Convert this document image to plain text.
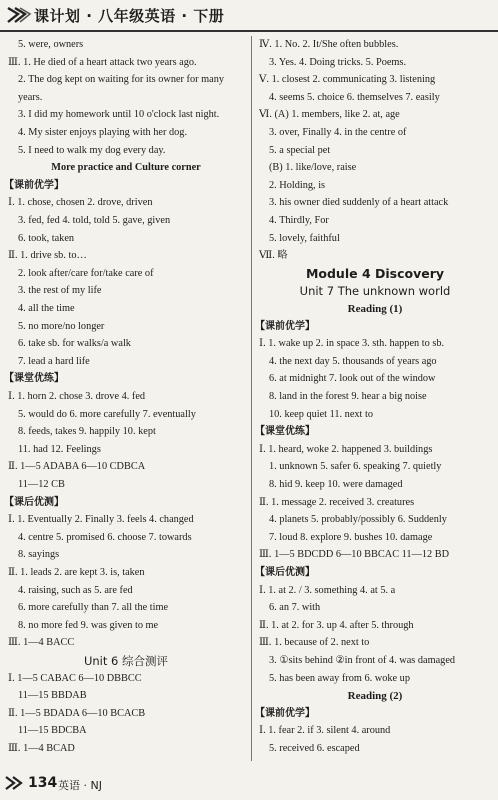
课计划 · 八年级英语 · 下册
5. were, owners
Ⅲ. 1. He died of a heart attack two years ago.
2. The dog kept on waiting for its owner for many
years.
3. I did my homework until 10 o'clock last night.
4. My sister enjoys playing with her dog.
5. I need to walk my dog every day.
More practice and Culture corner
【课前优学】
Ⅰ. 1. chose, chosen 2. drove, driven
3. fed, fed 4. told, told 5. gave, given
6. took, taken
Ⅱ. 1. drive sb. to…
2. look after/care for/take care of
3. the rest of my life
4. all the time
5. no more/no longer
6. take sb. for walks/a walk
7. lead a hard life
【课堂优练】
Ⅰ. 1. horn 2. chose 3. drove 4. fed
5. would do 6. more carefully 7. eventually
8. feeds, takes 9. happily 10. kept
11. had 12. Feelings
Ⅱ. 1—5 ADABA 6—10 CDBCA
11—12 CB
【课后优测】
Ⅰ. 1. Eventually 2. Finally 3. feels 4. changed
4. centre 5. promised 6. choose 7. towards
8. sayings
Ⅱ. 1. leads 2. are kept 3. is, taken
4. raising, such as 5. are fed
6. more carefully than 7. all the time
8. no more fed 9. was given to me
Ⅲ. 1—4 BACC
Unit 6 综合测评
Ⅰ. 1—5 CABAC 6—10 DBBCC
11—15 BBDAB
Ⅱ. 1—5 BDADA 6—10 BCACB
11—15 BDCBA
Ⅲ. 1—4 BCAD
Ⅳ. 1. No. 2. It/She often bubbles.
3. Yes. 4. Doing tricks. 5. Poems.
Ⅴ. 1. closest 2. communicating 3. listening
4. seems 5. choice 6. themselves 7. easily
Ⅵ. (A) 1. members, like 2. at, age
3. over, Finally 4. in the centre of
5. a special pet
(B) 1. like/love, raise
2. Holding, is
3. his owner died suddenly of a heart attack
4. Thirdly, For
5. lovely, faithful
Ⅶ. 略
Module 4 Discovery
Unit 7 The unknown world
Reading (1)
【课前优学】
Ⅰ. 1. wake up 2. in space 3. sth. happen to sb.
4. the next day 5. thousands of years ago
6. at midnight 7. look out of the window
8. land in the forest 9. hear a big noise
10. keep quiet 11. next to
【课堂优练】
Ⅰ. 1. heard, woke 2. happened 3. buildings
1. unknown 5. safer 6. speaking 7. quietly
8. hid 9. keep 10. were damaged
Ⅱ. 1. message 2. received 3. creatures
4. planets 5. probably/possibly 6. Suddenly
7. loud 8. explore 9. bushes 10. damage
Ⅲ. 1—5 BDCDD 6—10 BBCAC 11—12 BD
【课后优测】
Ⅰ. 1. at 2. / 3. something 4. at 5. a
6. an 7. with
Ⅱ. 1. at 2. for 3. up 4. after 5. through
Ⅲ. 1. because of 2. next to
3. ①sits behind ②in front of 4. was damaged
5. has been away from 6. woke up
Reading (2)
【课前优学】
Ⅰ. 1. fear 2. if 3. silent 4. around
5. received 6. escaped
134 英语 · NJ
